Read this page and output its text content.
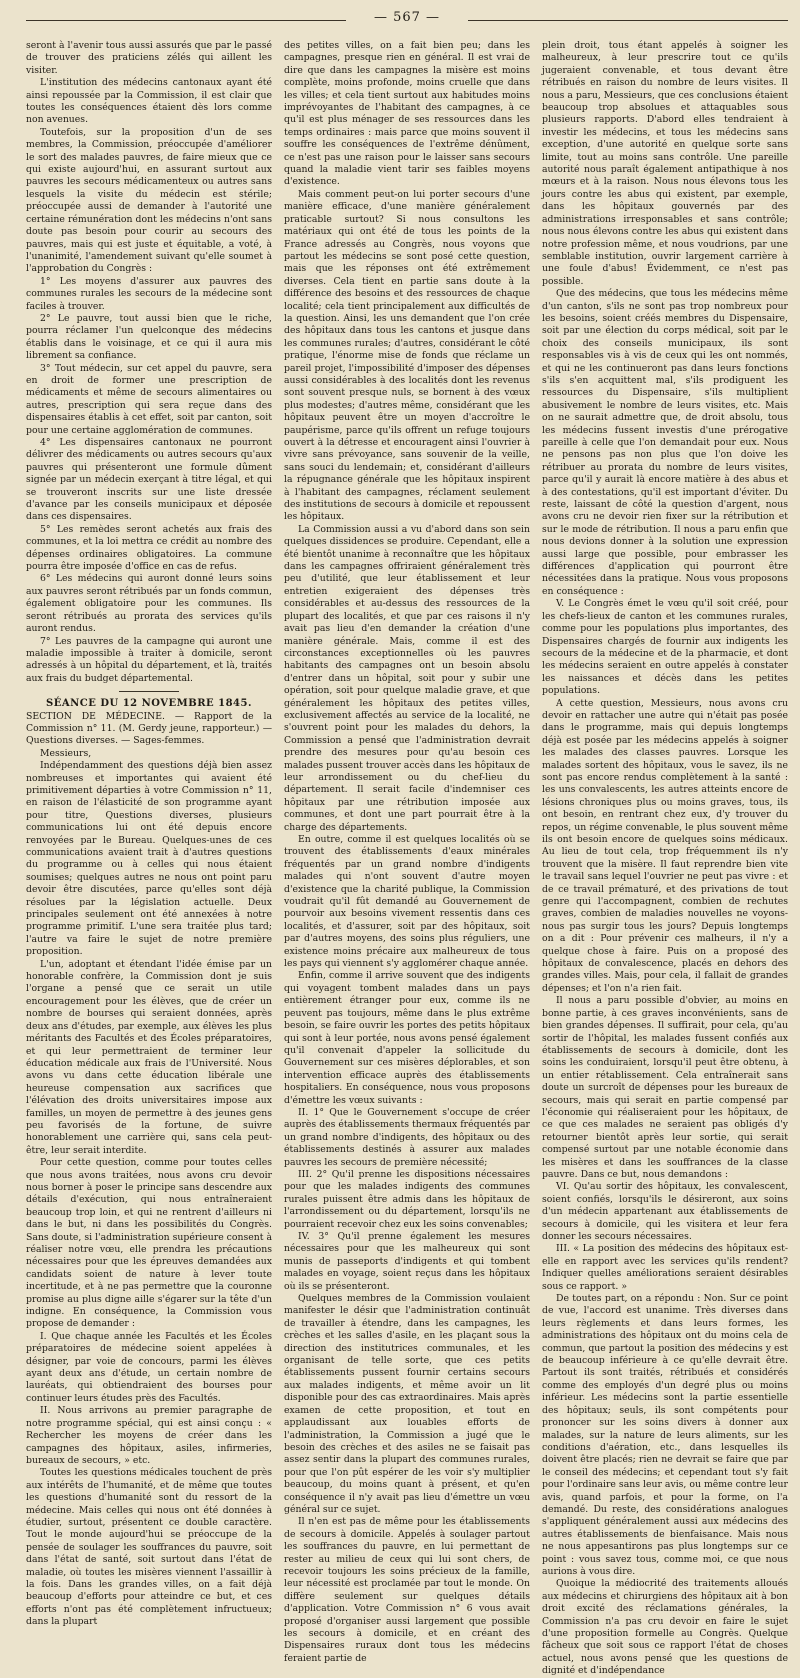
— 567 —

seront à l'avenir tous aussi assurés que par le passé de trouver des praticiens zélés qui aillent les visiter.

L'institution des médecins cantonaux ayant été ainsi repoussée par la Commission, il est clair que toutes les conséquences étaient dès lors comme non avenues.

Toutefois, sur la proposition d'un de ses membres, la Commission, préoccupée d'améliorer le sort des malades pauvres, de faire mieux que ce qui existe aujourd'hui, en assurant surtout aux pauvres les secours médicamenteux ou autres sans lesquels la visite du médecin est stérile; préoccupée aussi de demander à l'autorité une certaine rémunération dont les médecins n'ont sans doute pas besoin pour courir au secours des pauvres, mais qui est juste et équitable, a voté, à l'unanimité, l'amendement suivant qu'elle soumet à l'approbation du Congrès :

1° Les moyens d'assurer aux pauvres des communes rurales les secours de la médecine sont faciles à trouver.

2° Le pauvre, tout aussi bien que le riche, pourra réclamer l'un quelconque des médecins établis dans le voisinage, et ce qui il aura mis librement sa confiance.

3° Tout médecin, sur cet appel du pauvre, sera en droit de former une prescription de médicaments et même de secours alimentaires ou autres, prescription qui sera reçue dans des dispensaires établis à cet effet, soit par canton, soit pour une certaine agglomération de communes.

4° Les dispensaires cantonaux ne pourront délivrer des médicaments ou autres secours qu'aux pauvres qui présenteront une formule dûment signée par un médecin exerçant à titre légal, et qui se trouveront inscrits sur une liste dressée d'avance par les conseils municipaux et déposée dans ces dispensaires.

5° Les remèdes seront achetés aux frais des communes, et la loi mettra ce crédit au nombre des dépenses ordinaires obligatoires. La commune pourra être imposée d'office en cas de refus.

6° Les médecins qui auront donné leurs soins aux pauvres seront rétribués par un fonds commun, également obligatoire pour les communes. Ils seront rétribués au prorata des services qu'ils auront rendus.

7° Les pauvres de la campagne qui auront une maladie impossible à traiter à domicile, seront adressés à un hôpital du département, et là, traités aux frais du budget départemental.

SÉANCE DU 12 NOVEMBRE 1845.

SECTION DE MÉDECINE. — Rapport de la Commission n° 11. (M. Gerdy jeune, rapporteur.) — Questions diverses. — Sages-femmes.

Messieurs,

Indépendamment des questions déjà bien assez nombreuses et importantes qui avaient été primitivement départies à votre Commission n° 11, en raison de l'élasticité de son programme ayant pour titre, Questions diverses, plusieurs communications lui ont été depuis encore renvoyées par le Bureau. Quelques-unes de ces communications avaient trait à d'autres questions du programme ou à celles qui nous étaient soumises; quelques autres ne nous ont point paru devoir être discutées, parce qu'elles sont déjà résolues par la législation actuelle. Deux principales seulement ont été annexées à notre programme primitif. L'une sera traitée plus tard; l'autre va faire le sujet de notre première proposition.

L'un, adoptant et étendant l'idée émise par un honorable confrère, la Commission dont je suis l'organe a pensé que ce serait un utile encouragement pour les élèves, que de créer un nombre de bourses qui seraient données, après deux ans d'études, par exemple, aux élèves les plus méritants des Facultés et des Écoles préparatoires, et qui leur permettraient de terminer leur éducation médicale aux frais de l'Université. Nous avons vu dans cette éducation libérale une heureuse compensation aux sacrifices que l'élévation des droits universitaires impose aux familles, un moyen de permettre à des jeunes gens peu favorisés de la fortune, de suivre honorablement une carrière qui, sans cela peut-être, leur serait interdite.

Pour cette question, comme pour toutes celles que nous avons traitées, nous avons cru devoir nous borner à poser le principe sans descendre aux détails d'exécution, qui nous entraîneraient beaucoup trop loin, et qui ne rentrent d'ailleurs ni dans le but, ni dans les possibilités du Congrès. Sans doute, si l'administration supérieure consent à réaliser notre vœu, elle prendra les précautions nécessaires pour que les épreuves demandées aux candidats soient de nature à lever toute incertitude, et à ne pas permettre que la couronne promise au plus digne aille s'égarer sur la tête d'un indigne. En conséquence, la Commission vous propose de demander :

I. Que chaque année les Facultés et les Écoles préparatoires de médecine soient appelées à désigner, par voie de concours, parmi les élèves ayant deux ans d'étude, un certain nombre de lauréats, qui obtiendraient des bourses pour continuer leurs études près des Facultés.

II. Nous arrivons au premier paragraphe de notre programme spécial, qui est ainsi conçu : « Rechercher les moyens de créer dans les campagnes des hôpitaux, asiles, infirmeries, bureaux de secours, » etc.

Toutes les questions médicales touchent de près aux intérêts de l'humanité, et de même que toutes les questions d'humanité sont du ressort de la médecine. Mais celles qui nous ont été données à étudier, surtout, présentent ce double caractère. Tout le monde aujourd'hui se préoccupe de la pensée de soulager les souffrances du pauvre, soit dans l'état de santé, soit surtout dans l'état de maladie, où toutes les misères viennent l'assaillir à la fois. Dans les grandes villes, on a fait déjà beaucoup d'efforts pour atteindre ce but, et ces efforts n'ont pas été complètement infructueux; dans la plupart

des petites villes, on a fait bien peu; dans les campagnes, presque rien en général. Il est vrai de dire que dans les campagnes la misère est moins complète, moins profonde, moins cruelle que dans les villes; et cela tient surtout aux habitudes moins imprévoyantes de l'habitant des campagnes, à ce qu'il est plus ménager de ses ressources dans les temps ordinaires : mais parce que moins souvent il souffre les conséquences de l'extrême dénûment, ce n'est pas une raison pour le laisser sans secours quand la maladie vient tarir ses faibles moyens d'existence.

Mais comment peut-on lui porter secours d'une manière efficace, d'une manière généralement praticable surtout? Si nous consultons les matériaux qui ont été de tous les points de la France adressés au Congrès, nous voyons que partout les médecins se sont posé cette question, mais que les réponses ont été extrêmement diverses. Cela tient en partie sans doute à la différence des besoins et des ressources de chaque localité; cela tient principalement aux difficultés de la question. Ainsi, les uns demandent que l'on crée des hôpitaux dans tous les cantons et jusque dans les communes rurales; d'autres, considérant le côté pratique, l'énorme mise de fonds que réclame un pareil projet, l'impossibilité d'imposer des dépenses aussi considérables à des localités dont les revenus sont souvent presque nuls, se bornent à des vœux plus modestes; d'autres même, considérant que les hôpitaux peuvent être un moyen d'accroître le paupérisme, parce qu'ils offrent un refuge toujours ouvert à la détresse et encouragent ainsi l'ouvrier à vivre sans prévoyance, sans souvenir de la veille, sans souci du lendemain; et, considérant d'ailleurs la répugnance générale que les hôpitaux inspirent à l'habitant des campagnes, réclament seulement des institutions de secours à domicile et repoussent les hôpitaux.

La Commission aussi a vu d'abord dans son sein quelques dissidences se produire. Cependant, elle a été bientôt unanime à reconnaître que les hôpitaux dans les campagnes offriraient généralement très peu d'utilité, que leur établissement et leur entretien exigeraient des dépenses très considérables et au-dessus des ressources de la plupart des localités, et que par ces raisons il n'y avait pas lieu d'en demander la création d'une manière générale. Mais, comme il est des circonstances exceptionnelles où les pauvres habitants des campagnes ont un besoin absolu d'entrer dans un hôpital, soit pour y subir une opération, soit pour quelque maladie grave, et que généralement les hôpitaux des petites villes, exclusivement affectés au service de la localité, ne s'ouvrent point pour les malades du dehors, la Commission a pensé que l'administration devrait prendre des mesures pour qu'au besoin ces malades pussent trouver accès dans les hôpitaux de leur arrondissement ou du chef-lieu du département. Il serait facile d'indemniser ces hôpitaux par une rétribution imposée aux communes, et dont une part pourrait être à la charge des départements.

En outre, comme il est quelques localités où se trouvent des établissements d'eaux minérales fréquentés par un grand nombre d'indigents malades qui n'ont souvent d'autre moyen d'existence que la charité publique, la Commission voudrait qu'il fût demandé au Gouvernement de pourvoir aux besoins vivement ressentis dans ces localités, et d'assurer, soit par des hôpitaux, soit par d'autres moyens, des soins plus réguliers, une existence moins précaire aux malheureux de tous les pays qui viennent s'y agglomérer chaque année.

Enfin, comme il arrive souvent que des indigents qui voyagent tombent malades dans un pays entièrement étranger pour eux, comme ils ne peuvent pas toujours, même dans le plus extrême besoin, se faire ouvrir les portes des petits hôpitaux qui sont à leur portée, nous avons pensé également qu'il convenait d'appeler la sollicitude du Gouvernement sur ces misères déplorables, et son intervention efficace auprès des établissements hospitaliers. En conséquence, nous vous proposons d'émettre les vœux suivants :

II. 1° Que le Gouvernement s'occupe de créer auprès des établissements thermaux fréquentés par un grand nombre d'indigents, des hôpitaux ou des établissements destinés à assurer aux malades pauvres les secours de première nécessité;

III. 2° Qu'il prenne les dispositions nécessaires pour que les malades indigents des communes rurales puissent être admis dans les hôpitaux de l'arrondissement ou du département, lorsqu'ils ne pourraient recevoir chez eux les soins convenables;

IV. 3° Qu'il prenne également les mesures nécessaires pour que les malheureux qui sont munis de passeports d'indigents et qui tombent malades en voyage, soient reçus dans les hôpitaux où ils se présenteront.

Quelques membres de la Commission voulaient manifester le désir que l'administration continuât de travailler à étendre, dans les campagnes, les crèches et les salles d'asile, en les plaçant sous la direction des institutrices communales, et les organisant de telle sorte, que ces petits établissements pussent fournir certains secours aux malades indigents, et même avoir un lit disponible pour des cas extraordinaires. Mais après examen de cette proposition, et tout en applaudissant aux louables efforts de l'administration, la Commission a jugé que le besoin des crèches et des asiles ne se faisait pas assez sentir dans la plupart des communes rurales, pour que l'on pût espérer de les voir s'y multiplier beaucoup, du moins quant à présent, et qu'en conséquence il n'y avait pas lieu d'émettre un vœu général sur ce sujet.

Il n'en est pas de même pour les établissements de secours à domicile. Appelés à soulager partout les souffrances du pauvre, en lui permettant de rester au milieu de ceux qui lui sont chers, de recevoir toujours les soins précieux de la famille, leur nécessité est proclamée par tout le monde. On diffère seulement sur quelques détails d'application. Votre Commission n° 6 vous avait proposé d'organiser aussi largement que possible les secours à domicile, et en créant des Dispensaires ruraux dont tous les médecins feraient partie de

plein droit, tous étant appelés à soigner les malheureux, à leur prescrire tout ce qu'ils jugeraient convenable, et tous devant être rétribués en raison du nombre de leurs visites. Il nous a paru, Messieurs, que ces conclusions étaient beaucoup trop absolues et attaquables sous plusieurs rapports. D'abord elles tendraient à investir les médecins, et tous les médecins sans exception, d'une autorité en quelque sorte sans limite, tout au moins sans contrôle. Une pareille autorité nous paraît également antipathique à nos mœurs et à la raison. Nous nous élevons tous les jours contre les abus qui existent, par exemple, dans les hôpitaux gouvernés par des administrations irresponsables et sans contrôle; nous nous élevons contre les abus qui existent dans notre profession même, et nous voudrions, par une semblable institution, ouvrir largement carrière à une foule d'abus! Évidemment, ce n'est pas possible.

Que des médecins, que tous les médecins même d'un canton, s'ils ne sont pas trop nombreux pour les besoins, soient créés membres du Dispensaire, soit par une élection du corps médical, soit par le choix des conseils municipaux, ils sont responsables vis à vis de ceux qui les ont nommés, et qui ne les continueront pas dans leurs fonctions s'ils s'en acquittent mal, s'ils prodiguent les ressources du Dispensaire, s'ils multiplient abusivement le nombre de leurs visites, etc. Mais on ne saurait admettre que, de droit absolu, tous les médecins fussent investis d'une prérogative pareille à celle que l'on demandait pour eux. Nous ne pensons pas non plus que l'on doive les rétribuer au prorata du nombre de leurs visites, parce qu'il y aurait là encore matière à des abus et à des contestations, qu'il est important d'éviter. Du reste, laissant de côté la question d'argent, nous avons cru ne devoir rien fixer sur la rétribution et sur le mode de rétribution. Il nous a paru enfin que nous devions donner à la solution une expression aussi large que possible, pour embrasser les différences d'application qui pourront être nécessitées dans la pratique. Nous vous proposons en conséquence :

V. Le Congrès émet le vœu qu'il soit créé, pour les chefs-lieux de canton et les communes rurales, comme pour les populations plus importantes, des Dispensaires chargés de fournir aux indigents les secours de la médecine et de la pharmacie, et dont les médecins seraient en outre appelés à constater les naissances et décès dans les petites populations.

A cette question, Messieurs, nous avons cru devoir en rattacher une autre qui n'était pas posée dans le programme, mais qui depuis longtemps déjà est posée par les médecins appelés à soigner les malades des classes pauvres. Lorsque les malades sortent des hôpitaux, vous le savez, ils ne sont pas encore rendus complètement à la santé : les uns convalescents, les autres atteints encore de lésions chroniques plus ou moins graves, tous, ils ont besoin, en rentrant chez eux, d'y trouver du repos, un régime convenable, le plus souvent même ils ont besoin encore de quelques soins médicaux. Au lieu de tout cela, trop fréquemment ils n'y trouvent que la misère. Il faut reprendre bien vite le travail sans lequel l'ouvrier ne peut pas vivre : et de ce travail prématuré, et des privations de tout genre qui l'accompagnent, combien de rechutes graves, combien de maladies nouvelles ne voyons-nous pas surgir tous les jours? Depuis longtemps on a dit : Pour prévenir ces malheurs, il n'y a quelque chose à faire. Puis on a proposé des hôpitaux de convalescence, placés en dehors des grandes villes. Mais, pour cela, il fallait de grandes dépenses; et l'on n'a rien fait.

Il nous a paru possible d'obvier, au moins en bonne partie, à ces graves inconvénients, sans de bien grandes dépenses. Il suffirait, pour cela, qu'au sortir de l'hôpital, les malades fussent confiés aux établissements de secours à domicile, dont les soins les conduiraient, lorsqu'il peut être obtenu, à un entier rétablissement. Cela entraînerait sans doute un surcroît de dépenses pour les bureaux de secours, mais qui serait en partie compensé par l'économie qui réaliseraient pour les hôpitaux, de ce que ces malades ne seraient pas obligés d'y retourner bientôt après leur sortie, qui serait compensé surtout par une notable économie dans les misères et dans les souffrances de la classe pauvre. Dans ce but, nous demandons :

VI. Qu'au sortir des hôpitaux, les convalescent, soient confiés, lorsqu'ils le désireront, aux soins d'un médecin appartenant aux établissements de secours à domicile, qui les visitera et leur fera donner les secours nécessaires.

III. « La position des médecins des hôpitaux est-elle en rapport avec les services qu'ils rendent? Indiquer quelles améliorations seraient désirables sous ce rapport. »

De toutes part, on a répondu : Non. Sur ce point de vue, l'accord est unanime. Très diverses dans leurs règlements et dans leurs formes, les administrations des hôpitaux ont du moins cela de commun, que partout la position des médecins y est de beaucoup inférieure à ce qu'elle devrait être. Partout ils sont traités, rétribués et considérés comme des employés d'un degré plus ou moins inférieur. Les médecins sont la partie essentielle des hôpitaux; seuls, ils sont compétents pour prononcer sur les soins divers à donner aux malades, sur la nature de leurs aliments, sur les conditions d'aération, etc., dans lesquelles ils doivent être placés; rien ne devrait se faire que par le conseil des médecins; et cependant tout s'y fait pour l'ordinaire sans leur avis, ou même contre leur avis, quand parfois, et pour la forme, on l'a demandé. Du reste, des considérations analogues s'appliquent généralement aussi aux médecins des autres établissements de bienfaisance. Mais nous ne nous appesantirons pas plus longtemps sur ce point : vous savez tous, comme moi, ce que nous aurions à vous dire.

Quoique la médiocrité des traitements alloués aux médecins et chirurgiens des hôpitaux ait à bon droit excité des réclamations générales, la Commission n'a pas cru devoir en faire le sujet d'une proposition formelle au Congrès. Quelque fâcheux que soit sous ce rapport l'état de choses actuel, nous avons pensé que les questions de dignité et d'indépendance
